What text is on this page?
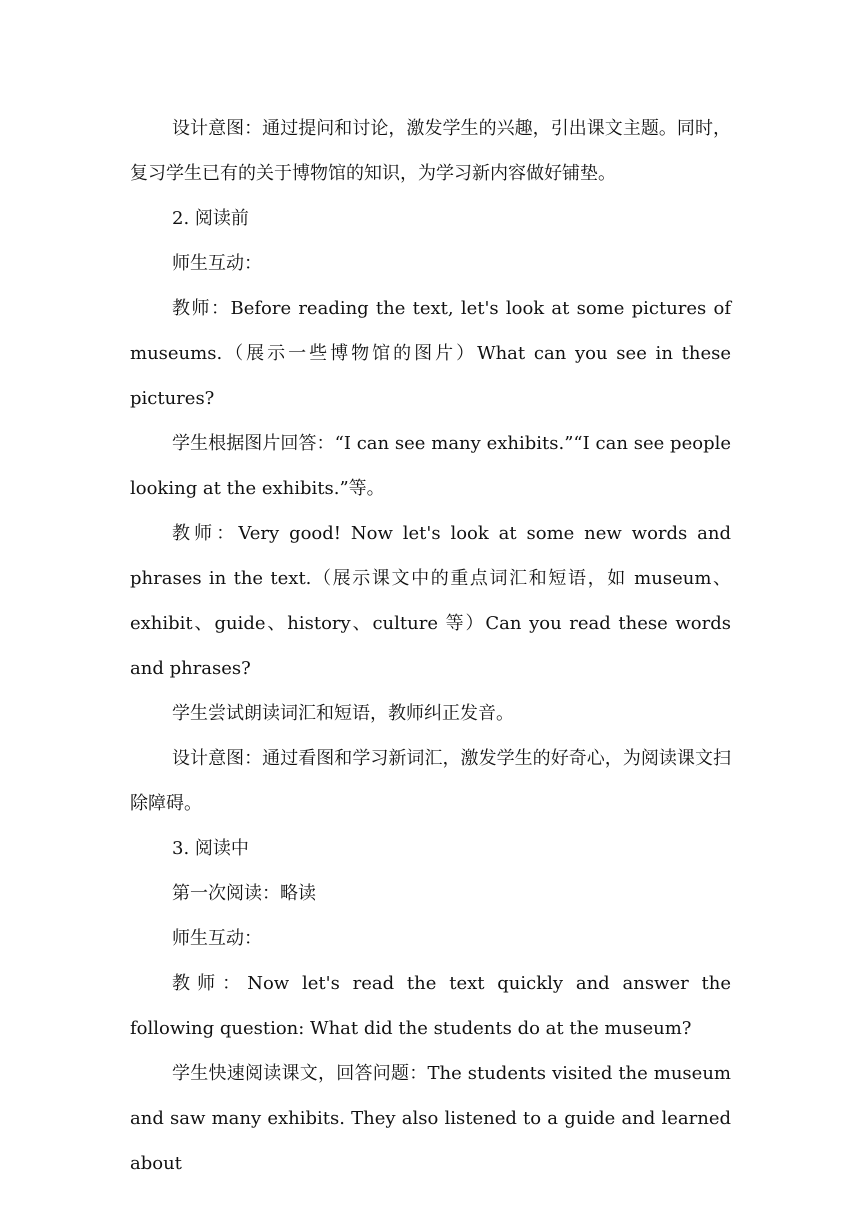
设计意图：通过提问和讨论，激发学生的兴趣，引出课文主题。同时，复习学生已有的关于博物馆的知识，为学习新内容做好铺垫。

2. 阅读前

师生互动：

教师：Before reading the text, let's look at some pictures of museums.（展示一些博物馆的图片）What can you see in these pictures?

学生根据图片回答：“I can see many exhibits.”“I can see people looking at the exhibits.”等。

教师：Very good! Now let's look at some new words and phrases in the text.（展示课文中的重点词汇和短语，如 museum、exhibit、guide、history、culture 等）Can you read these words and phrases?

学生尝试朗读词汇和短语，教师纠正发音。

设计意图：通过看图和学习新词汇，激发学生的好奇心，为阅读课文扫除障碍。

3. 阅读中

第一次阅读：略读

师生互动：

教师：Now let's read the text quickly and answer the following question: What did the students do at the museum?

学生快速阅读课文，回答问题：The students visited the museum and saw many exhibits. They also listened to a guide and learned about
